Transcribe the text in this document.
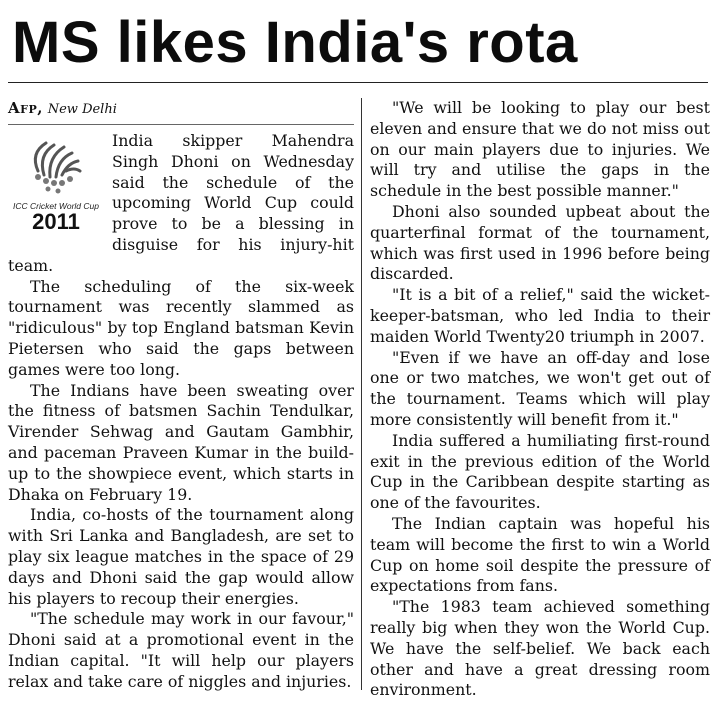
MS likes India's rota
Afp, New Delhi
ICC Cricket World Cup
2011

India skipper Mahendra Singh Dhoni on Wednesday said the schedule of the upcoming World Cup could prove to be a blessing in disguise for his injury-hit team.

The scheduling of the six-week tournament was recently slammed as "ridiculous" by top England batsman Kevin Pietersen who said the gaps between games were too long.

The Indians have been sweating over the fitness of batsmen Sachin Tendulkar, Virender Sehwag and Gautam Gambhir, and paceman Praveen Kumar in the build-up to the showpiece event, which starts in Dhaka on February 19.

India, co-hosts of the tournament along with Sri Lanka and Bangladesh, are set to play six league matches in the space of 29 days and Dhoni said the gap would allow his players to recoup their energies.

"The schedule may work in our favour," Dhoni said at a promotional event in the Indian capital. "It will help our players relax and take care of niggles and injuries.

"We will be looking to play our best eleven and ensure that we do not miss out on our main players due to injuries. We will try and utilise the gaps in the schedule in the best possible manner."

Dhoni also sounded upbeat about the quarterfinal format of the tournament, which was first used in 1996 before being discarded.

"It is a bit of a relief," said the wicket-keeper-batsman, who led India to their maiden World Twenty20 triumph in 2007.

"Even if we have an off-day and lose one or two matches, we won't get out of the tournament. Teams which will play more consistently will benefit from it."

India suffered a humiliating first-round exit in the previous edition of the World Cup in the Caribbean despite starting as one of the favourites.

The Indian captain was hopeful his team will become the first to win a World Cup on home soil despite the pressure of expectations from fans.

"The 1983 team achieved something really big when they won the World Cup. We have the self-belief. We back each other and have a great dressing room environment.
